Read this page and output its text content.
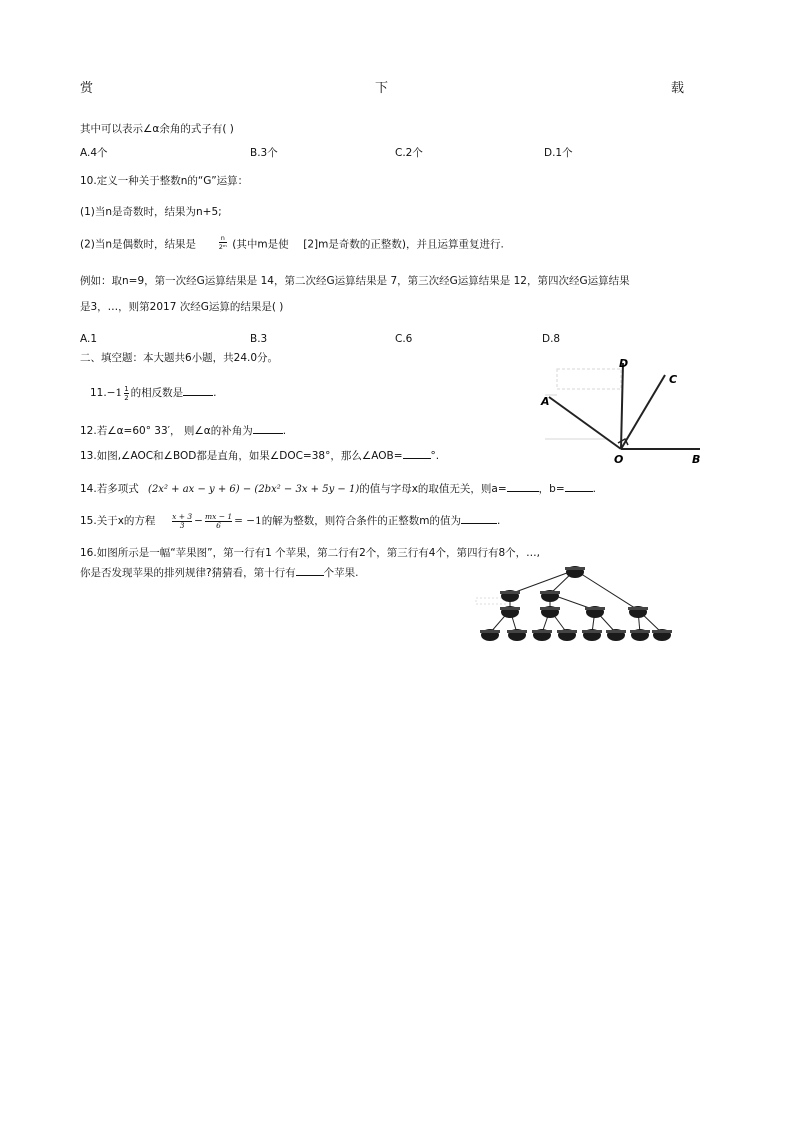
赏	下	载
其中可以表示∠α余角的式子有( )
A.4个	B.3个	C.2个	D.1个
10.定义一种关于整数n的“G”运算：
(1)当n是奇数时，结果为n+5;
(2)当n是偶数时，结果是	$\frac{n}{\text{2ᵐ}}$ (其中m是使 [2]m是奇数的正整数)，并且运算重复进行.
例如：取n=9，第一次经G运算结果是 14，第二次经G运算结果是 7，第三次经G运算结果是 12，第四次经G运算结果
是3，…，则第2017 次经G运算的结果是( )
A.1	B.3	C.6	D.8
二、填空题：本大题共6小题，共24.0分。
$11.-1 \frac{1}{2}$ 的相反数是	.
12.若∠α=60° 33′， 则∠α的补角为	.
13.如图,∠AOC和∠BOD都是直角，如果∠DOC=38°，那么∠AOB=	°.
D
C
A
O	B
14.若多项式 (2x² + ax − y + 6) − (2bx² − 3x + 5y − 1)的值与字母x的取值无关，则a=	，b=	.
15.关于x的方程 $\frac{x + 3}{3} - \frac{mx - 1}{6} = -1$的解为整数，则符合条件的正整数m的值为	.
16.如图所示是一幅“苹果图”，第一行有1 个苹果，第二行有2个，第三行有4个，第四行有8个，…,
你是否发现苹果的排列规律?猜猜看，第十行有	个苹果.
